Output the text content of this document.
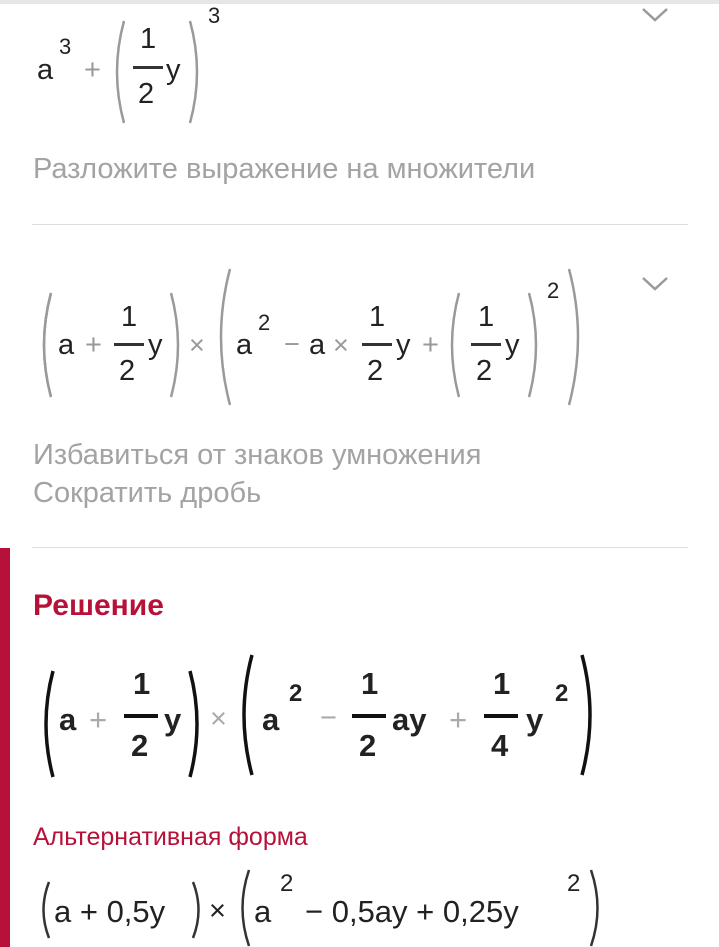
a
3
+
1
2
y
3
Разложите выражение на множители
a +
1
2
y × a
2
− a ×
1
2
y +
1
2
y
2
Избавиться от знаков умножения
Сократить дробь
Решение
a +
1
2
y × a
2
−
1
2
ay +
1
4
y
2
Альтернативная форма
a + 0,5y × a
2
− 0,5ay + 0,25y
2
